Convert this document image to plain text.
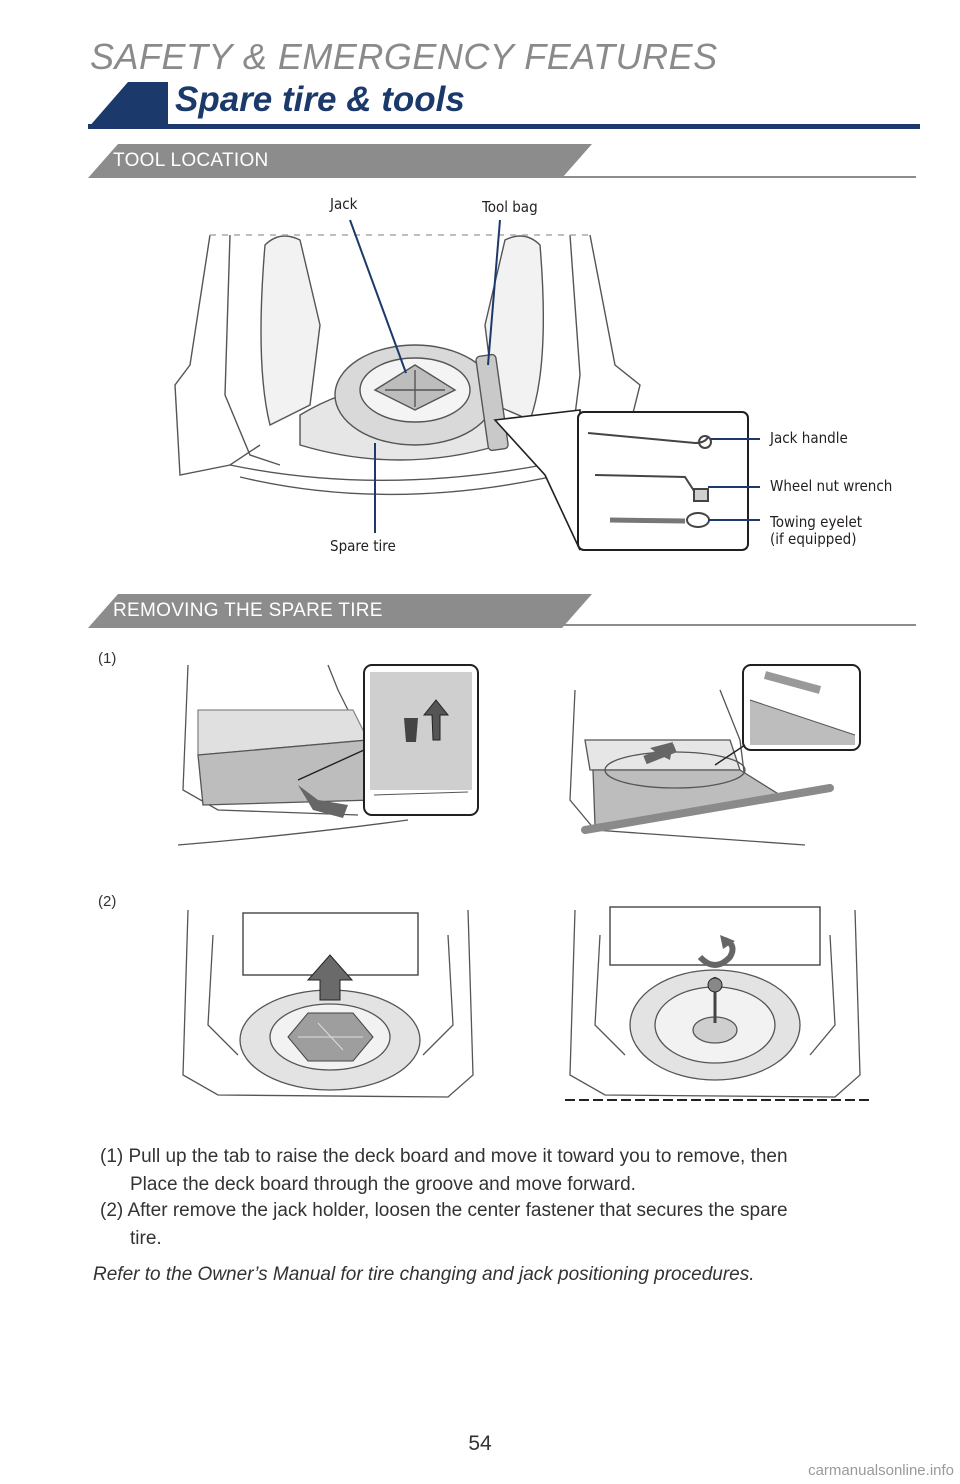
SAFETY & EMERGENCY FEATURES
Spare tire & tools
TOOL LOCATION
Jack	Tool bag
Jack handle
Wheel nut wrench
Towing eyelet
(if equipped)
Spare tire
REMOVING THE SPARE TIRE
(1)
(2)
(1) Pull up the tab to raise the deck board and move it toward you to remove, then
Place the deck board through the groove and move forward.
(2) After remove the jack holder, loosen the center fastener that secures the spare
tire.
Refer to the Owner’s Manual for tire changing and jack positioning procedures.
54
carmanualsonline.info
